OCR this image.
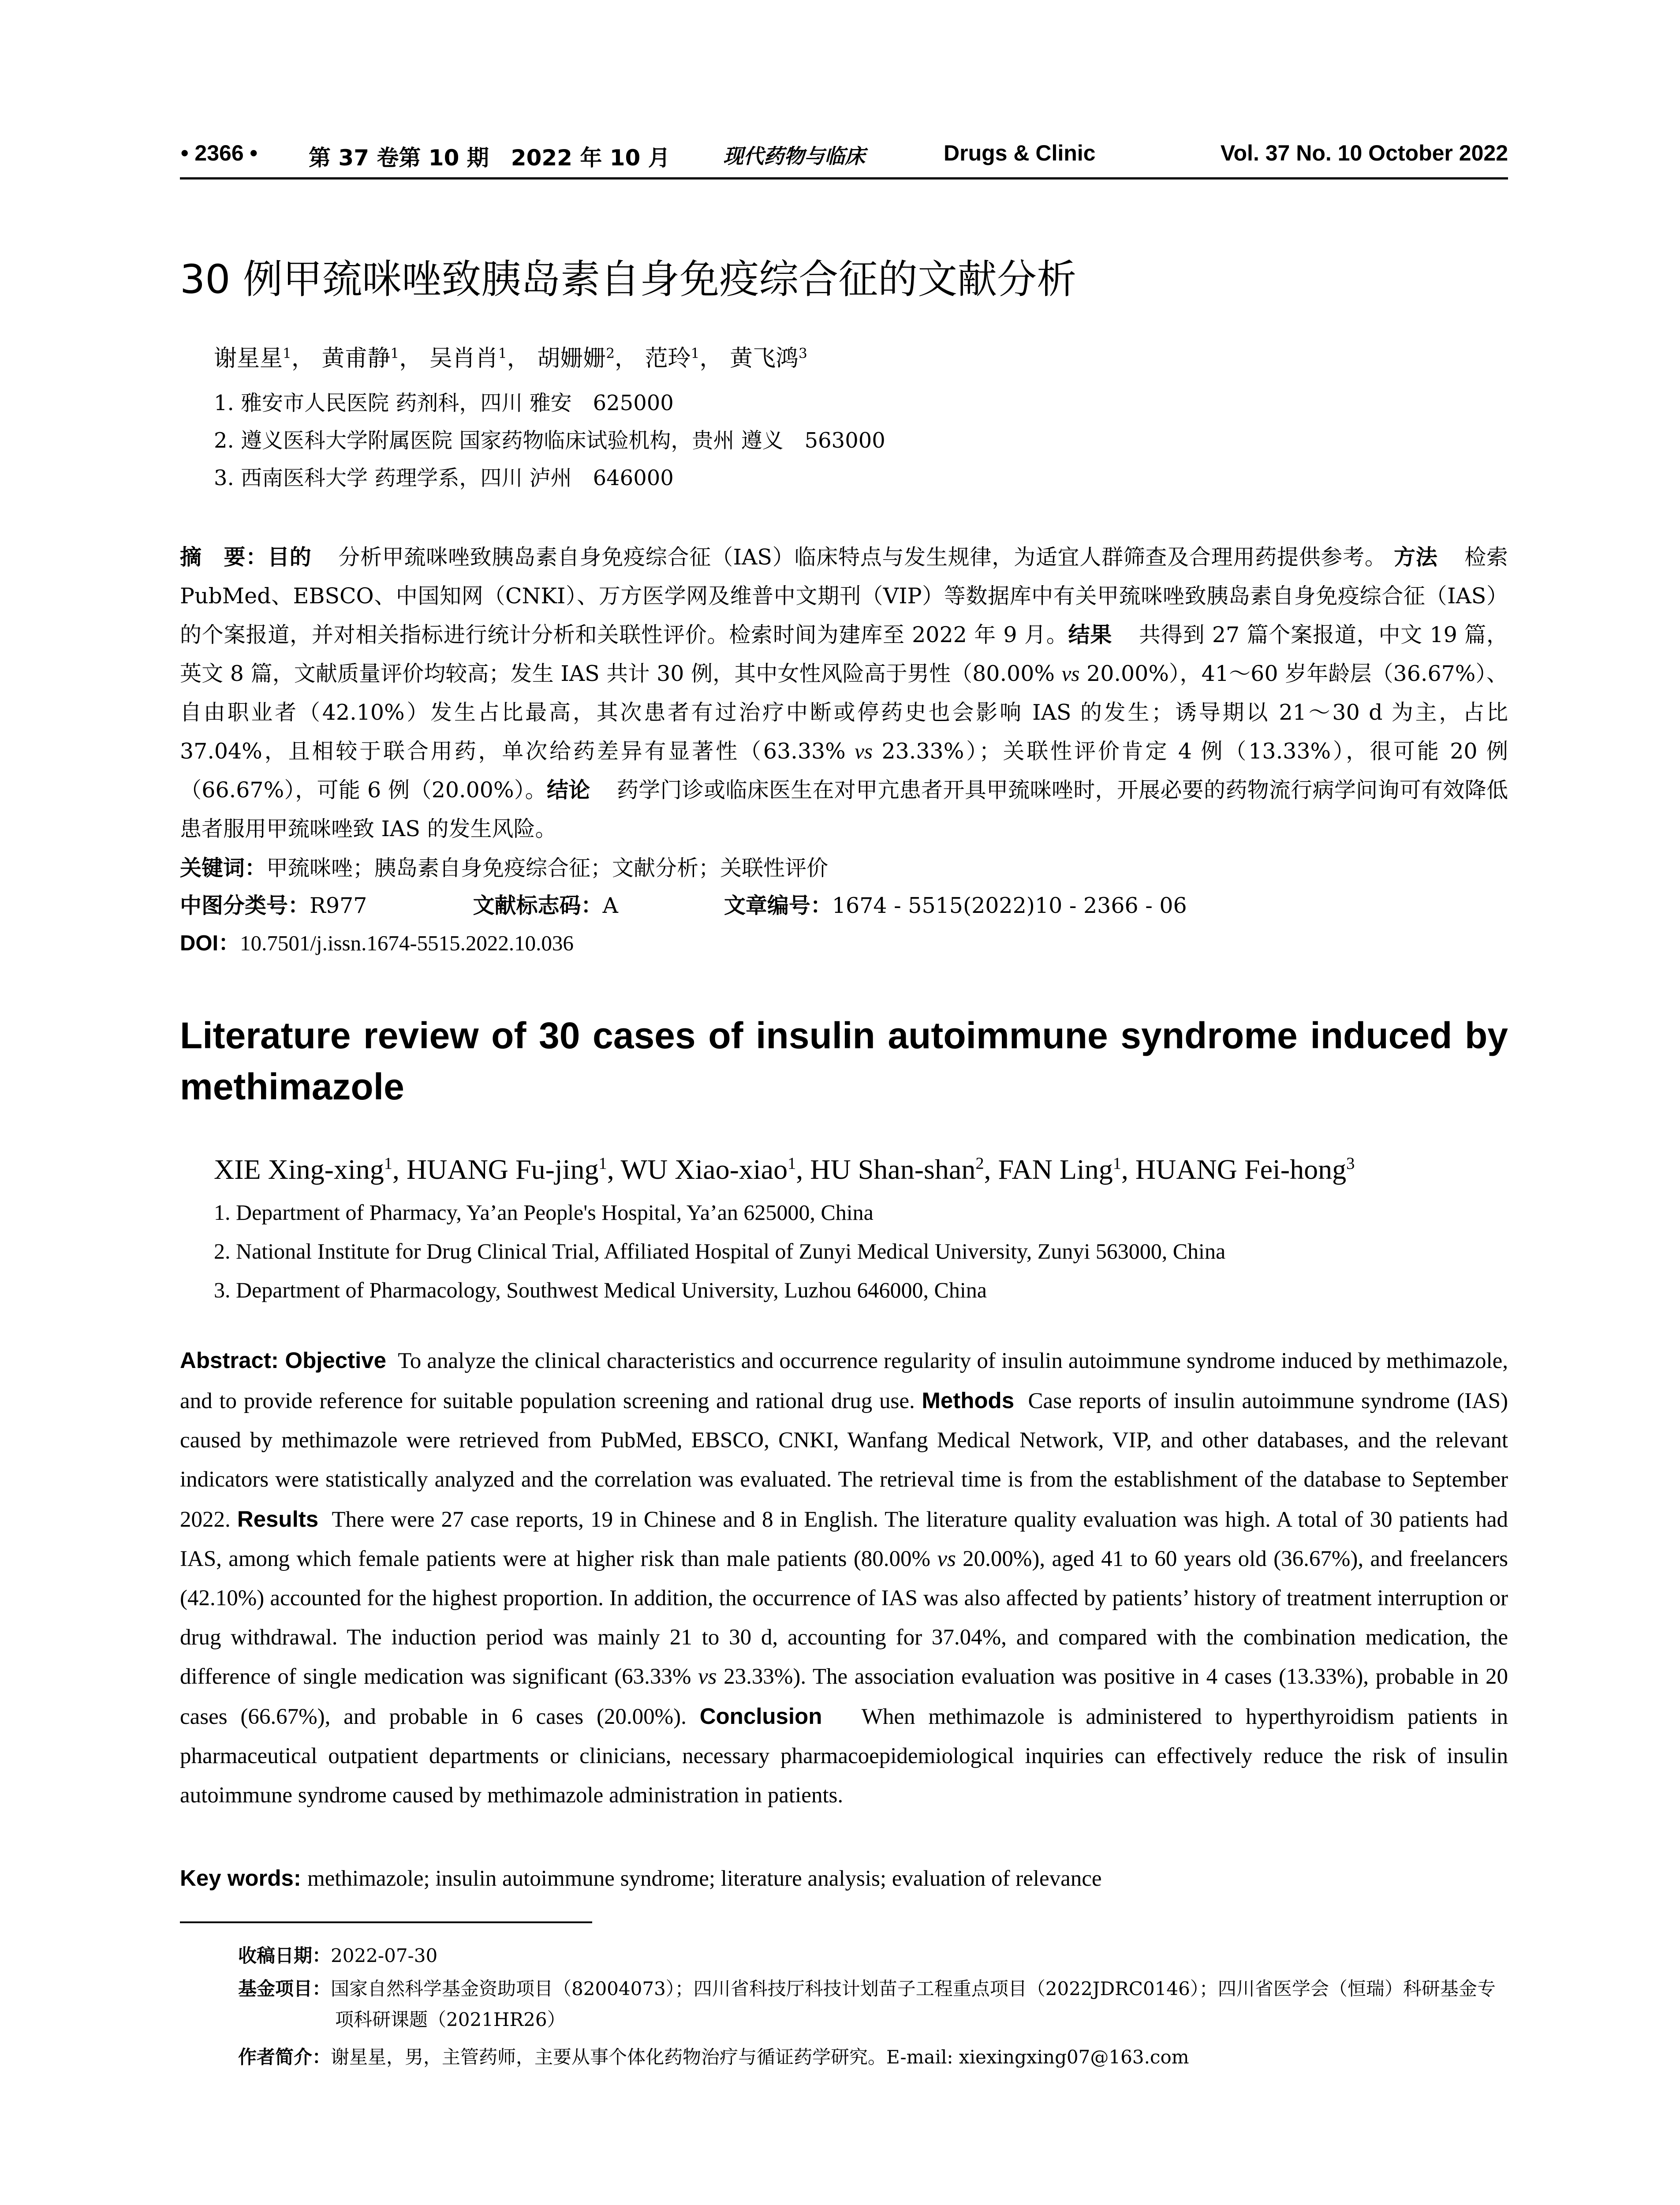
• 2366 • 第 37 卷第 10 期　2022 年 10 月	现代药物与临床	Drugs & Clinic	Vol. 37 No. 10 October 2022
30 例甲巯咪唑致胰岛素自身免疫综合征的文献分析
谢星星$^1$， 黄甫静$^1$， 吴肖肖$^1$， 胡姗姗$^2$， 范玲$^1$， 黄飞鸿$^3$
1. 雅安市人民医院 药剂科，四川 雅安　625000
2. 遵义医科大学附属医院 国家药物临床试验机构，贵州 遵义　563000
3. 西南医科大学 药理学系，四川 泸州　646000
摘　要：目的 分析甲巯咪唑致胰岛素自身免疫综合征（IAS）临床特点与发生规律，为适宜人群筛查及合理用药提供参考。 方法 检索 PubMed、EBSCO、中国知网（CNKI）、万方医学网及维普中文期刊（VIP）等数据库中有关甲巯咪唑致胰岛素自身免疫综合征（IAS）的个案报道，并对相关指标进行统计分析和关联性评价。检索时间为建库至 2022 年 9 月。结果 共得到 27 篇个案报道，中文 19 篇，英文 8 篇，文献质量评价均较高；发生 IAS 共计 30 例，其中女性风险高于男性（80.00% vs 20.00%），41～60 岁年龄层（36.67%）、自由职业者（42.10%）发生占比最高，其次患者有过治疗中断或停药史也会影响 IAS 的发生；诱导期以 21～30 d 为主，占比 37.04%，且相较于联合用药，单次给药差异有显著性（63.33% vs 23.33%）；关联性评价肯定 4 例（13.33%），很可能 20 例（66.67%），可能 6 例（20.00%）。结论 药学门诊或临床医生在对甲亢患者开具甲巯咪唑时，开展必要的药物流行病学问询可有效降低患者服用甲巯咪唑致 IAS 的发生风险。
关键词：甲巯咪唑；胰岛素自身免疫综合征；文献分析；关联性评价
中图分类号：R977	文献标志码：A	文章编号：1674 - 5515(2022)10 - 2366 - 06
DOI：10.7501/j.issn.1674-5515.2022.10.036
Literature review of 30 cases of insulin autoimmune syndrome induced by methimazole
XIE Xing-xing$^1$, HUANG Fu-jing$^1$, WU Xiao-xiao$^1$, HU Shan-shan$^2$, FAN Ling$^1$, HUANG Fei-hong$^3$
1. Department of Pharmacy, Ya’an People's Hospital, Ya’an 625000, China
2. National Institute for Drug Clinical Trial, Affiliated Hospital of Zunyi Medical University, Zunyi 563000, China
3. Department of Pharmacology, Southwest Medical University, Luzhou 646000, China
Abstract: Objective To analyze the clinical characteristics and occurrence regularity of insulin autoimmune syndrome induced by methimazole, and to provide reference for suitable population screening and rational drug use. Methods Case reports of insulin autoimmune syndrome (IAS) caused by methimazole were retrieved from PubMed, EBSCO, CNKI, Wanfang Medical Network, VIP, and other databases, and the relevant indicators were statistically analyzed and the correlation was evaluated. The retrieval time is from the establishment of the database to September 2022. Results There were 27 case reports, 19 in Chinese and 8 in English. The literature quality evaluation was high. A total of 30 patients had IAS, among which female patients were at higher risk than male patients (80.00% vs 20.00%), aged 41 to 60 years old (36.67%), and freelancers (42.10%) accounted for the highest proportion. In addition, the occurrence of IAS was also affected by patients’ history of treatment interruption or drug withdrawal. The induction period was mainly 21 to 30 d, accounting for 37.04%, and compared with the combination medication, the difference of single medication was significant (63.33% vs 23.33%). The association evaluation was positive in 4 cases (13.33%), probable in 20 cases (66.67%), and probable in 6 cases (20.00%). Conclusion When methimazole is administered to hyperthyroidism patients in pharmaceutical outpatient departments or clinicians, necessary pharmacoepidemiological inquiries can effectively reduce the risk of insulin autoimmune syndrome caused by methimazole administration in patients.
Key words: methimazole; insulin autoimmune syndrome; literature analysis; evaluation of relevance
收稿日期：2022-07-30
基金项目：国家自然科学基金资助项目（82004073）；四川省科技厅科技计划苗子工程重点项目（2022JDRC0146）；四川省医学会（恒瑞）科研基金专项科研课题（2021HR26）
作者简介：谢星星，男，主管药师，主要从事个体化药物治疗与循证药学研究。E-mail: xiexingxing07@163.com
